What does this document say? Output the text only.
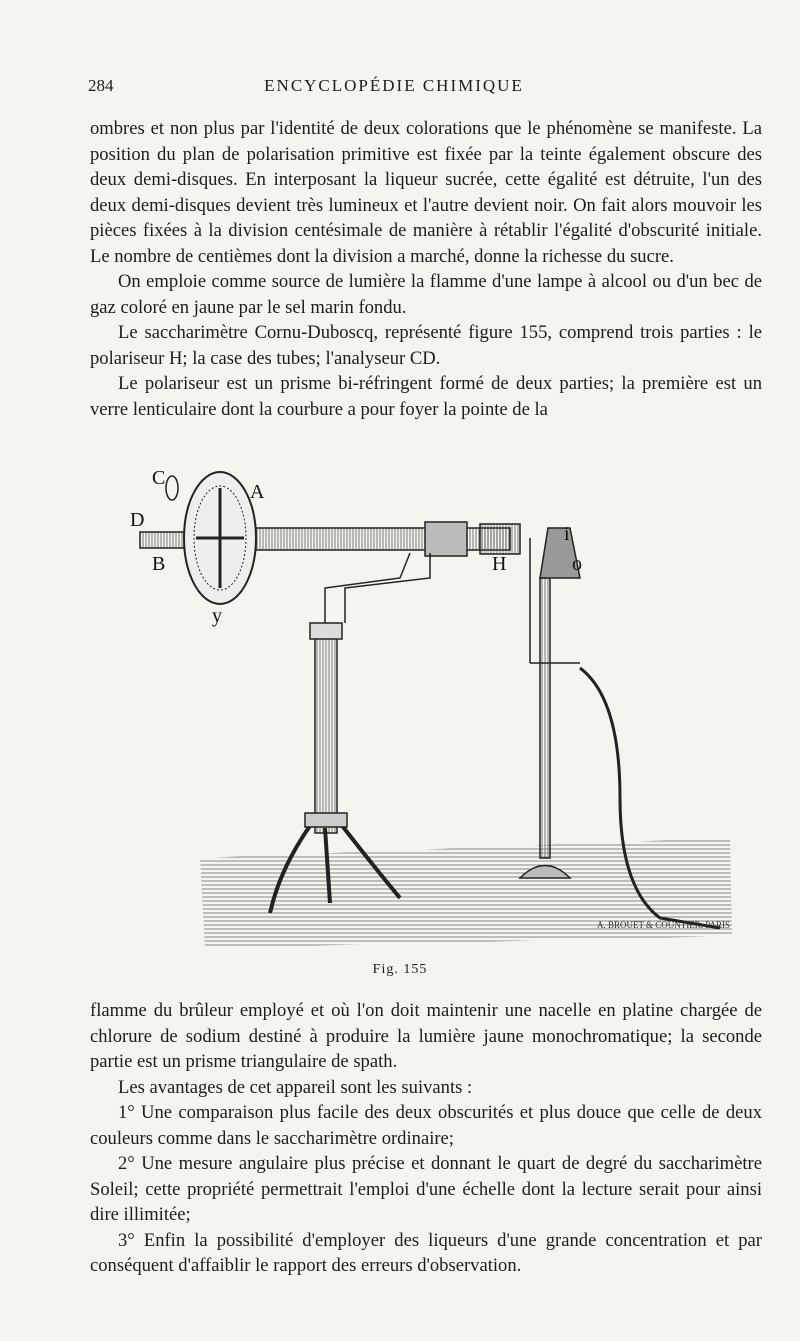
284	ENCYCLOPÉDIE CHIMIQUE

ombres et non plus par l'identité de deux colorations que le phénomène se manifeste. La position du plan de polarisation primitive est fixée par la teinte également obscure des deux demi-disques. En interposant la liqueur sucrée, cette égalité est détruite, l'un des deux demi-disques devient très lumineux et l'autre devient noir. On fait alors mouvoir les pièces fixées à la division centésimale de manière à rétablir l'égalité d'obscurité initiale. Le nombre de centièmes dont la division a marché, donne la richesse du sucre.

On emploie comme source de lumière la flamme d'une lampe à alcool ou d'un bec de gaz coloré en jaune par le sel marin fondu.

Le saccharimètre Cornu-Duboscq, représenté figure 155, comprend trois parties : le polariseur H; la case des tubes; l'analyseur CD.

Le polariseur est un prisme bi-réfringent formé de deux parties; la première est un verre lenticulaire dont la courbure a pour foyer la pointe de la

C
A
D
B	H
y
i
o
A. BROUET & COUNTIER. PARIS
Fig. 155

flamme du brûleur employé et où l'on doit maintenir une nacelle en platine chargée de chlorure de sodium destiné à produire la lumière jaune monochromatique; la seconde partie est un prisme triangulaire de spath.

Les avantages de cet appareil sont les suivants :

1° Une comparaison plus facile des deux obscurités et plus douce que celle de deux couleurs comme dans le saccharimètre ordinaire;

2° Une mesure angulaire plus précise et donnant le quart de degré du saccharimètre Soleil; cette propriété permettrait l'emploi d'une échelle dont la lecture serait pour ainsi dire illimitée;

3° Enfin la possibilité d'employer des liqueurs d'une grande concentration et par conséquent d'affaiblir le rapport des erreurs d'observation.
